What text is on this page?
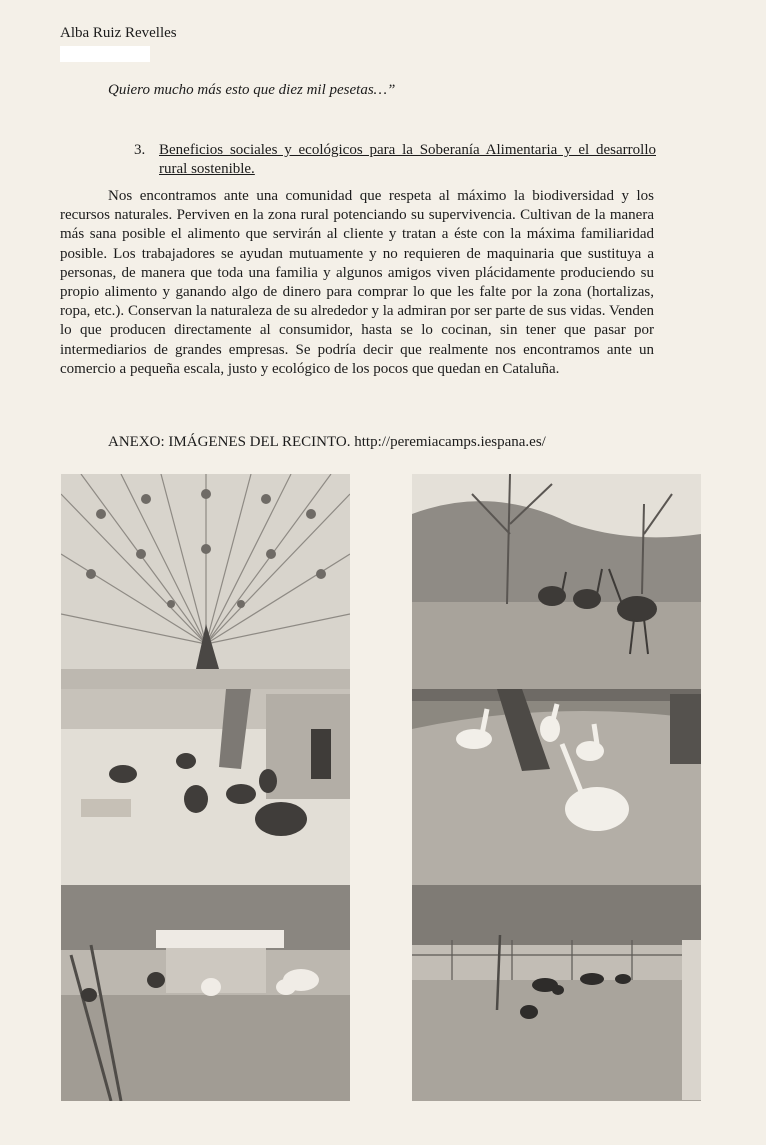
Alba Ruiz Revelles
Quiero mucho más esto que diez mil pesetas…”
3. Beneficios sociales y ecológicos para la Soberanía Alimentaria y el desarrollo rural sostenible.
Nos encontramos ante una comunidad que respeta al máximo la biodiversidad y los recursos naturales. Perviven en la zona rural potenciando su supervivencia. Cultivan de la manera más sana posible el alimento que servirán al cliente y tratan a éste con la máxima familiaridad posible. Los trabajadores se ayudan mutuamente y no requieren de maquinaria que sustituya a personas, de manera que toda una familia y algunos amigos viven plácidamente produciendo su propio alimento y ganando algo de dinero para comprar lo que les falte por la zona (hortalizas, ropa, etc.). Conservan la naturaleza de su alrededor y la admiran por ser parte de sus vidas. Venden lo que producen directamente al consumidor, hasta se lo cocinan, sin tener que pasar por intermediarios de grandes empresas. Se podría decir que realmente nos encontramos ante un comercio a pequeña escala, justo y ecológico de los pocos que quedan en Cataluña.
ANEXO: IMÁGENES DEL RECINTO. http://peremiacamps.iespana.es/
